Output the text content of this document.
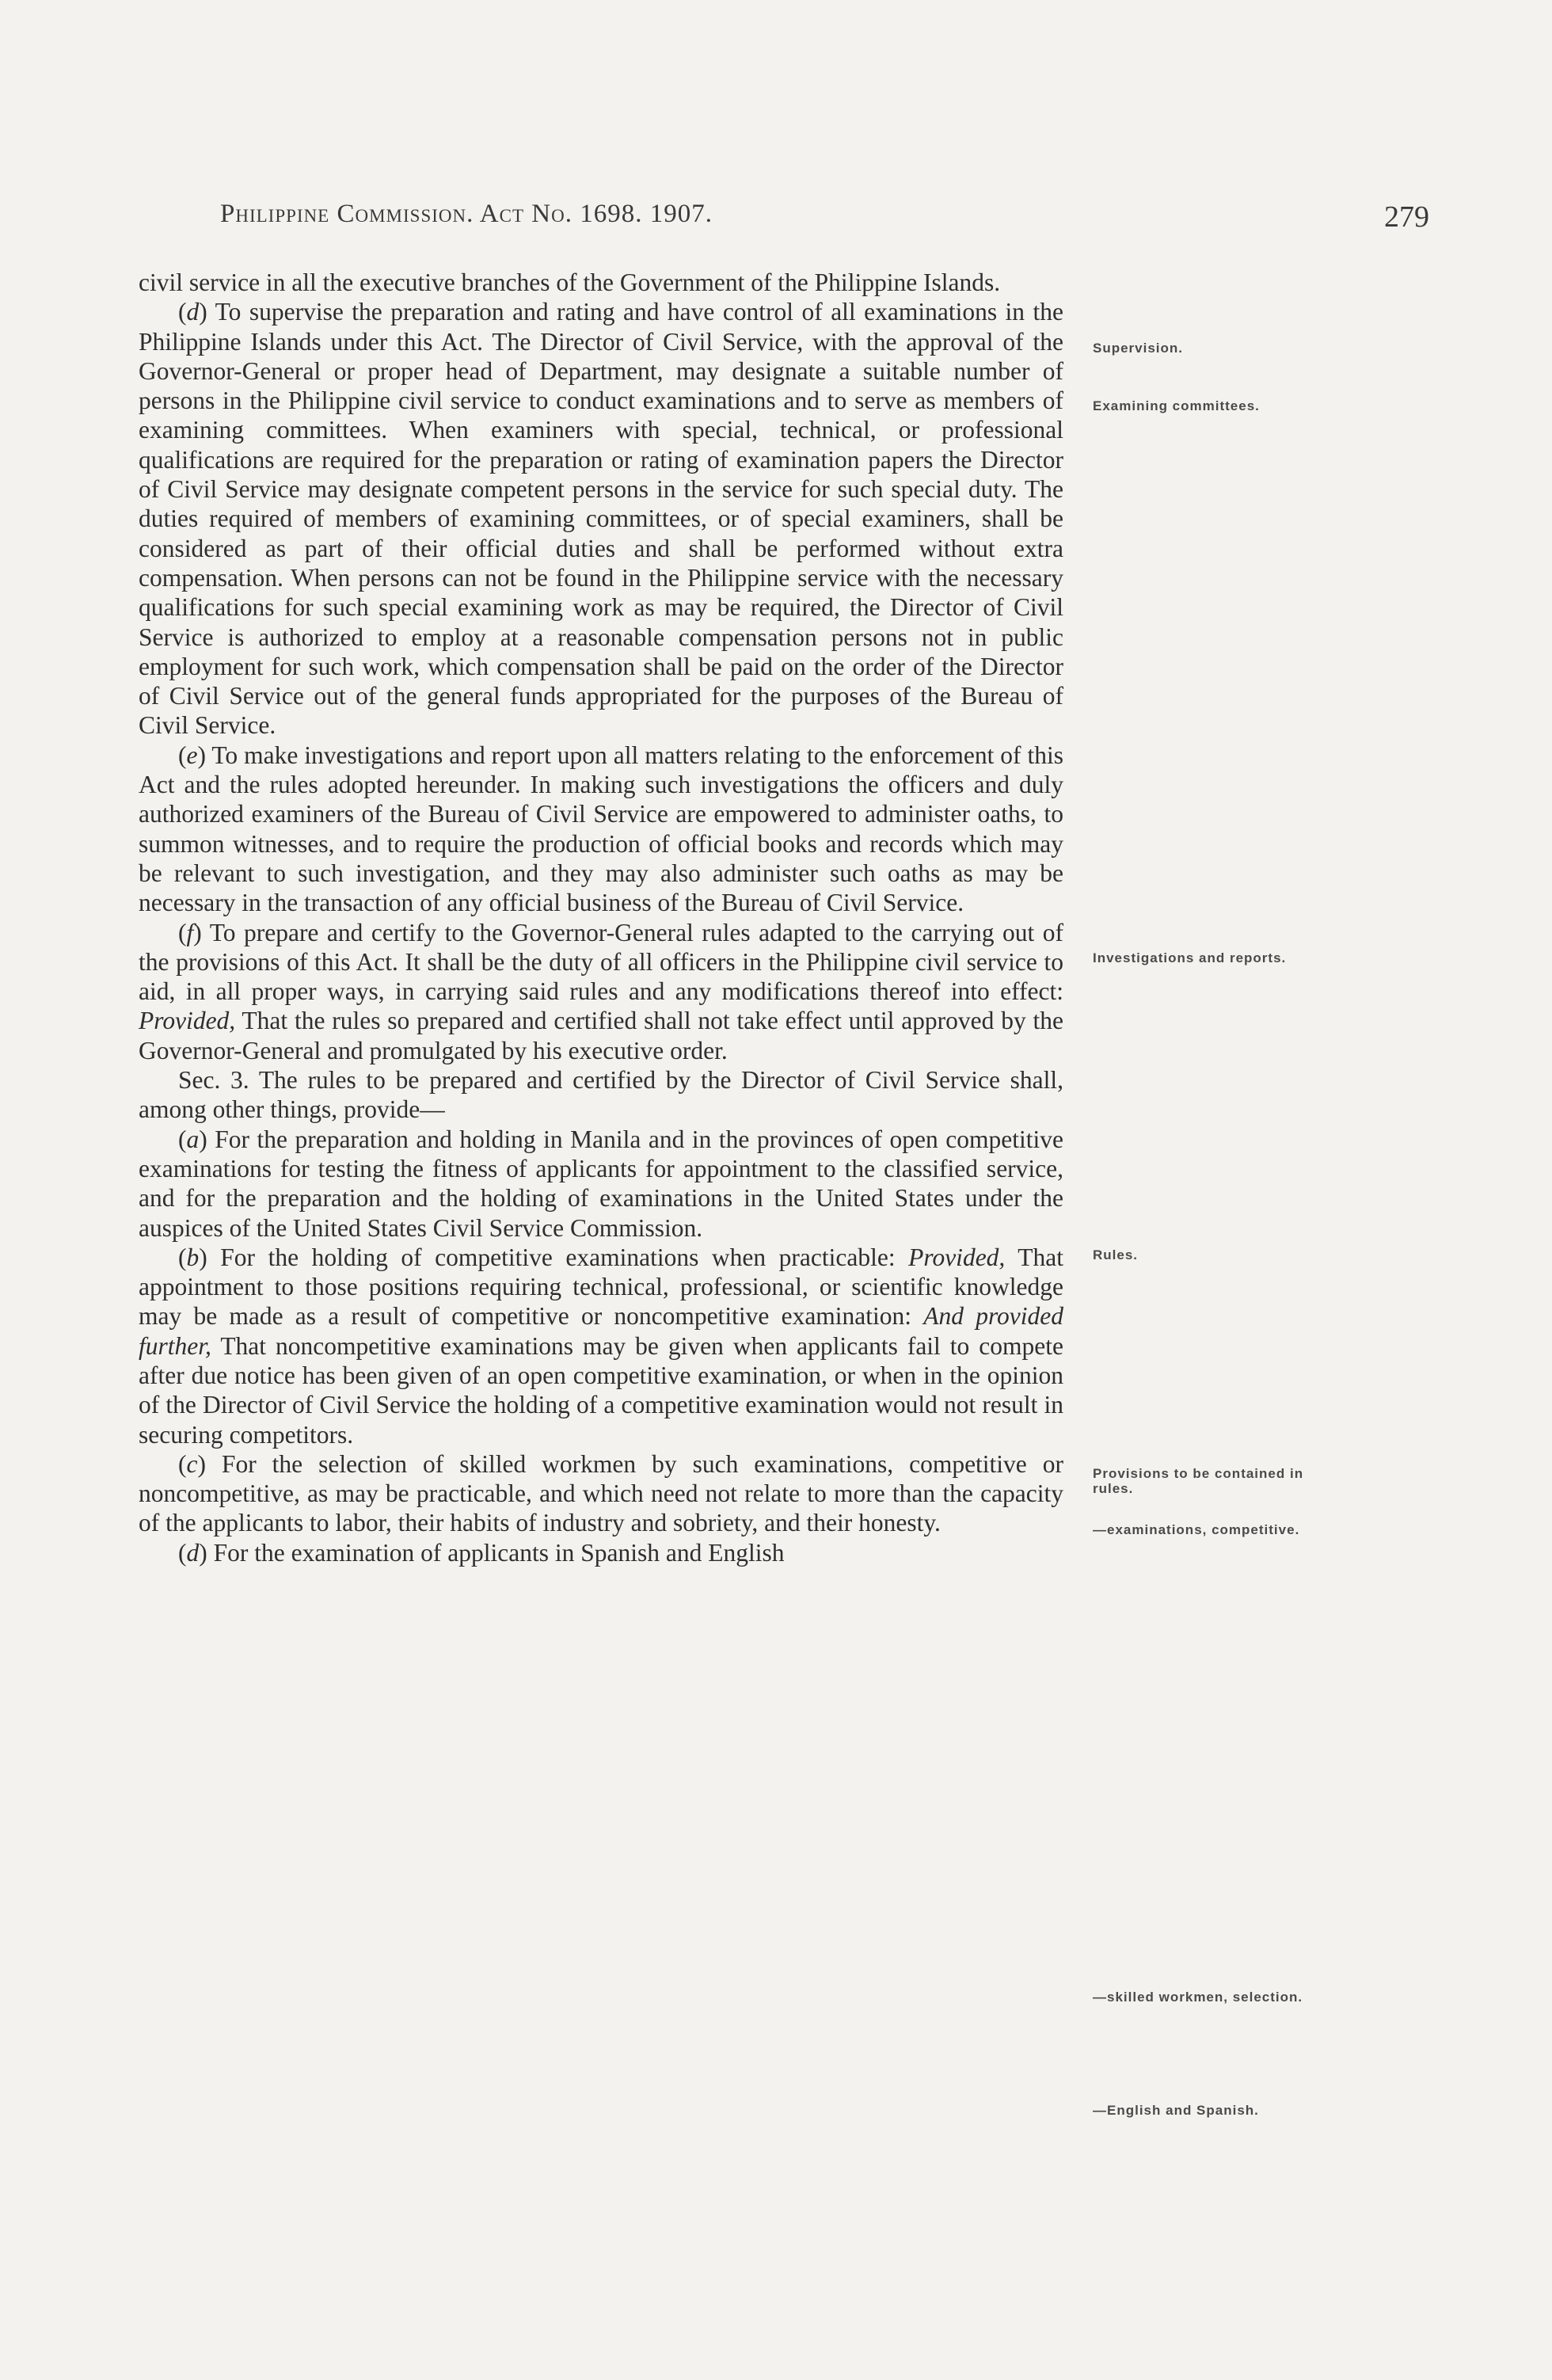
Philippine Commission. Act No. 1698. 1907.	279

civil service in all the executive branches of the Government of the Philippine Islands.

(d) To supervise the preparation and rating and have control of all examinations in the Philippine Islands under this Act. The Director of Civil Service, with the approval of the Governor-General or proper head of Department, may designate a suitable number of persons in the Philippine civil service to conduct examinations and to serve as members of examining committees. When examiners with special, technical, or professional qualifications are required for the preparation or rating of examination papers the Director of Civil Service may designate competent persons in the service for such special duty. The duties required of members of examining committees, or of special examiners, shall be considered as part of their official duties and shall be performed without extra compensation. When persons can not be found in the Philippine service with the necessary qualifications for such special examining work as may be required, the Director of Civil Service is authorized to employ at a reasonable compensation persons not in public employment for such work, which compensation shall be paid on the order of the Director of Civil Service out of the general funds appropriated for the purposes of the Bureau of Civil Service.

(e) To make investigations and report upon all matters relating to the enforcement of this Act and the rules adopted hereunder. In making such investigations the officers and duly authorized examiners of the Bureau of Civil Service are empowered to administer oaths, to summon witnesses, and to require the production of official books and records which may be relevant to such investigation, and they may also administer such oaths as may be necessary in the transaction of any official business of the Bureau of Civil Service.

(f) To prepare and certify to the Governor-General rules adapted to the carrying out of the provisions of this Act. It shall be the duty of all officers in the Philippine civil service to aid, in all proper ways, in carrying said rules and any modifications thereof into effect: Provided, That the rules so prepared and certified shall not take effect until approved by the Governor-General and promulgated by his executive order.

Sec. 3. The rules to be prepared and certified by the Director of Civil Service shall, among other things, provide—

(a) For the preparation and holding in Manila and in the provinces of open competitive examinations for testing the fitness of applicants for appointment to the classified service, and for the preparation and the holding of examinations in the United States under the auspices of the United States Civil Service Commission.

(b) For the holding of competitive examinations when practicable: Provided, That appointment to those positions requiring technical, professional, or scientific knowledge may be made as a result of competitive or noncompetitive examination: And provided further, That noncompetitive examinations may be given when applicants fail to compete after due notice has been given of an open competitive examination, or when in the opinion of the Director of Civil Service the holding of a competitive examination would not result in securing competitors.

(c) For the selection of skilled workmen by such examinations, competitive or noncompetitive, as may be practicable, and which need not relate to more than the capacity of the applicants to labor, their habits of industry and sobriety, and their honesty.

(d) For the examination of applicants in Spanish and English

Supervision.
Examining committees.
Investigations and reports.
Rules.
Provisions to be contained in rules.
—examinations, competitive.
—skilled workmen, selection.
—English and Spanish.
